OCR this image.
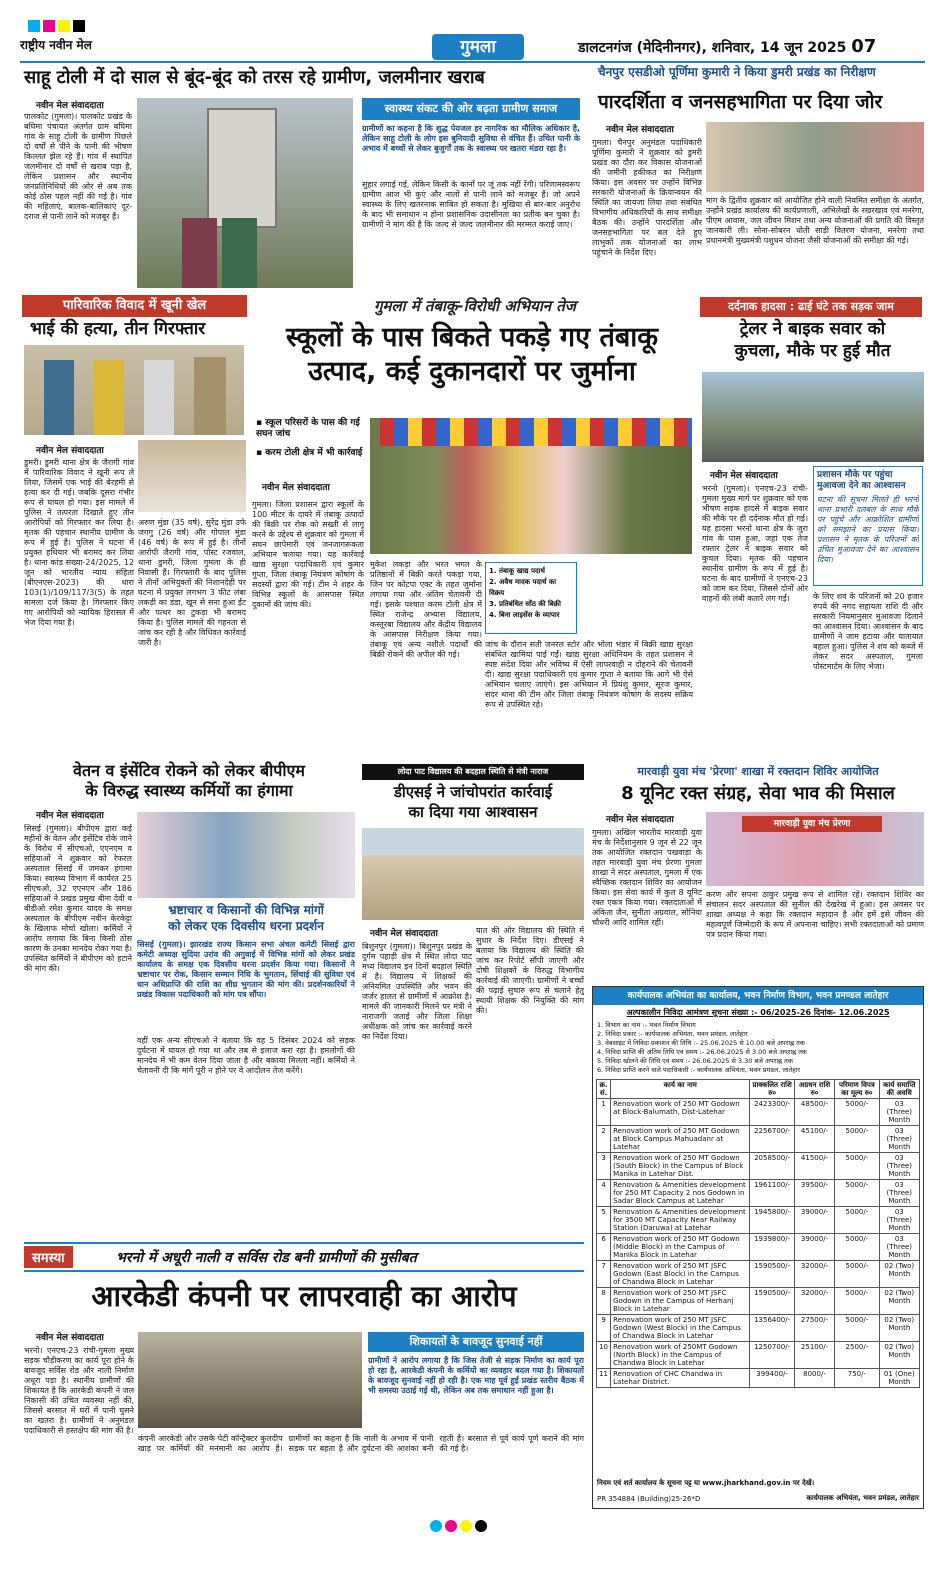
राष्ट्रीय नवीन मेल	गुमला	डालटनगंज (मेदिनीनगर), शनिवार, 14 जून 2025 07
साहू टोली में दो साल से बूंद-बूंद को तरस रहे ग्रामीण, जलमीनार खराब
नवीन मेल संवाददाता
पालकोट (गुमला)। पालकोट प्रखंड के बघिमा पंचायत अंतर्गत ग्राम बघिमा गांव के साहू टोली के ग्रामीण पिछले दो वर्षों से पीने के पानी की भीषण किल्लत झेल रहे हैं। गांव में स्थापित जलमीनार दो वर्षों से खराब पड़ा है, लेकिन प्रशासन और स्थानीय जनप्रतिनिधियों की ओर से अब तक कोई ठोस पहल नहीं की गई है। गांव की महिलाएं, बालक-बालिकाएं दूर-दराज से पानी लाने को मजबूर हैं।
स्वास्थ्य संकट की ओर बढ़ता ग्रामीण समाज
ग्रामीणों का कहना है कि शुद्ध पेयजल हर नागरिक का मौलिक अधिकार है, लेकिन साहू टोली के लोग इस बुनियादी सुविधा से वंचित हैं। उचित पानी के अभाव में बच्चों से लेकर बुजुर्गों तक के स्वास्थ्य पर खतरा मंडरा रहा है।
सुहार लगाई गई, लेकिन किसी के कानों पर जूं तक नहीं रेंगी। परिणामस्वरूप ग्रामीण आज भी कुएं और नालों से पानी लाने को मजबूर हैं। जो अपने स्वास्थ्य के लिए खतरनाक साबित हो सकता है। मुखिया से बार-बार अनुरोध के बाद भी समाधान न होना प्रशासनिक उदासीनता का प्रतीक बन चुका है। ग्रामीणों ने मांग की है कि जल्द से जल्द जलमीनार की मरम्मत कराई जाए।
चैनपुर एसडीओ पूर्णिमा कुमारी ने किया डुमरी प्रखंड का निरीक्षण
पारदर्शिता व जनसहभागिता पर दिया जोर
नवीन मेल संवाददाता
गुमला। चैनपुर अनुमंडल पदाधिकारी पूर्णिमा कुमारी ने शुक्रवार को डुमरी प्रखंड का दौरा कर विकास योजनाओं की जमीनी हकीकत का निरीक्षण किया। इस अवसर पर उन्होंने विभिन्न सरकारी योजनाओं के क्रियान्वयन की स्थिति का जायजा लिया तथा संबंधित विभागीय अधिकारियों के साथ समीक्षा बैठक की। उन्होंने पारदर्शिता और जनसहभागिता पर बल देते हुए लाभुकों तक योजनाओं का लाभ पहुंचाने के निर्देश दिए।
मांग के द्वितीय शुक्रवार को आयोजित होने वाली नियमित समीक्षा के अंतर्गत, उन्होंने प्रखंड कार्यालय की कार्यप्रणाली, अभिलेखों के रखरखाव एवं मनरेगा, पीएम आवास, जल जीवन मिशन तथा अन्य योजनाओं की प्रगति की विस्तृत जानकारी ली। सोना-सोबरन धोती साड़ी वितरण योजना, मनरेगा तथा प्रधानमंत्री मुख्यमंत्री पशुधन योजना जैसी योजनाओं की समीक्षा की गई।
पारिवारिक विवाद में खूनी खेल
भाई की हत्या, तीन गिरफ्तार
नवीन मेल संवाददाता
डुमरी। डुमरी थाना क्षेत्र के जैरागी गांव में पारिवारिक विवाद ने खूनी रूप ले लिया, जिसमें एक भाई की बेरहमी से हत्या कर दी गई। जबकि दूसरा गंभीर रूप से घायल हो गया। इस मामले में पुलिस ने तत्परता दिखाते हुए तीन आरोपियों को गिरफ्तार कर लिया है। मृतक की पहचान स्थानीय ग्रामीण के रूप में हुई है। पुलिस ने घटना में प्रयुक्त हथियार भी बरामद कर लिया है। थाना कांड संख्या-24/2025, 12 जून को भारतीय न्याय संहिता (बीएनएस-2023) की धारा 103(1)/109/117/3(5) के तहत मामला दर्ज किया है। गिरफ्तार किए गए आरोपियों को न्यायिक हिरासत में भेज दिया गया है।
अरुण मुंडा (35 वर्ष), सुरेंद्र मुंडा उर्फ जगगु (26 वर्ष) और गोपाल मुंडा (46 वर्ष) के रूप में हुई है। तीनों आरोपी जैरागी गांव, पोस्ट रजवाल, थाना डुमरी, जिला गुमला के ही निवासी हैं। गिरफ्तारी के बाद पुलिस ने तीनों अभियुक्तों की निशानदेही पर घटना में प्रयुक्त लगभग 3 फीट लंबा लकड़ी का डंडा, खून से सना हुआ ईंट और पत्थर का टुकड़ा भी बरामद किया है। पुलिस मामले की गहनता से जांच कर रही है और विधिवत कार्रवाई जारी है।
गुमला में तंबाकू-विरोधी अभियान तेज
स्कूलों के पास बिकते पकड़े गए तंबाकू
उत्पाद, कई दुकानदारों पर जुर्माना
▪ स्कूल परिसरों के पास की गई सघन जांच
▪ करम टोली क्षेत्र में भी कार्रवाई
नवीन मेल संवाददाता
गुमला। जिला प्रशासन द्वारा स्कूलों के 100 मीटर के दायरे में तंबाकू उत्पादों की बिक्री पर रोक को सख्ती से लागू करने के उद्देश्य से शुक्रवार को गुमला में सघन छापेमारी एवं जनजागरूकता अभियान चलाया गया। यह कार्रवाई खाद्य सुरक्षा पदाधिकारी एवं कुमार गुप्ता, जिला तंबाकू नियंत्रण कोषांग के सदस्यों द्वारा की गई। टीम ने शहर के विभिन्न स्कूलों के आसपास स्थित दुकानों की जांच की।
मुकेश लकड़ा और भरत भगत के प्रतिष्ठानों में बिक्री करते पकड़ा गया, जिन पर कोटपा एक्ट के तहत जुर्माना लगाया गया और अंतिम चेतावनी दी गई। इसके पश्चात करम टोली क्षेत्र में स्थित राजेन्द्र अभ्यास विद्यालय, कस्तूरबा विद्यालय और केंद्रीय विद्यालय के आसपास निरीक्षण किया गया। तंबाकू एवं अन्य नशीले पदार्थों की बिक्री रोकने की अपील की गई।
1. तंबाकू खाद्य पदार्थ
2. अवैध मादक पदार्थ का विक्रय
3. प्रतिबंधित सोंठ की बिक्री
4. बिना लाइसेंस के व्यापार
जांच के दौरान सती जनरल स्टोर और भोला भंडार में बिक्री खाद्य सुरक्षा संबंधित खामियां पाई गईं। खाद्य सुरक्षा अधिनियम के तहत प्रशासन ने स्पष्ट संदेश दिया और भविष्य में ऐसी लापरवाही न दोहराने की चेतावनी दी। खाद्य सुरक्षा पदाधिकारी एवं कुमार गुप्ता ने बताया कि आगे भी ऐसे अभियान चलाए जाएंगे। इस अभियान में प्रियंशु कुमार, सूरज कुमार, सदर थाना की टीम और जिला तंबाकू नियंत्रण कोषांग के सदस्य सक्रिय रूप से उपस्थित रहे।
दर्दनाक हादसा : ढाई घंटे तक सड़क जाम
ट्रेलर ने बाइक सवार को
कुचला, मौके पर हुई मौत
नवीन मेल संवाददाता	प्रशासन मौके पर पहुंचा मुआवजा देने का आश्वासन
घटना की सूचना मिलते ही भरनो थाना प्रभारी दलबल के साथ मौके पर पहुंचे और आक्रोशित ग्रामीणों को समझाने का प्रयास किया। प्रशासन ने मृतक के परिजनों को उचित मुआवजा देने का आश्वासन दिया।
भरनो (गुमला)। एनएच-23 रांची-गुमला मुख्य मार्ग पर शुक्रवार को एक भीषण सड़क हादसे में बाइक सवार की मौके पर ही दर्दनाक मौत हो गई। यह हादसा भरनो थाना क्षेत्र के जुरा गांव के पास हुआ, जहां एक तेज रफ्तार ट्रेलर ने बाइक सवार को कुचल दिया। मृतक की पहचान स्थानीय ग्रामीण के रूप में हुई है। घटना के बाद ग्रामीणों ने एनएच-23 को जाम कर दिया, जिससे दोनों ओर वाहनों की लंबी कतारें लग गईं।	के लिए शव के परिजनों को 20 हजार रुपये की नगद सहायता राशि दी और सरकारी नियमानुसार मुआवजा दिलाने का आश्वासन दिया। आश्वासन के बाद ग्रामीणों ने जाम हटाया और यातायात बहाल हुआ। पुलिस ने शव को कब्जे में लेकर सदर अस्पताल, गुमला पोस्टमार्टम के लिए भेजा।
वेतन व इंसेंटिव रोकने को लेकर बीपीएम
के विरुद्ध स्वास्थ्य कर्मियों का हंगामा
नवीन मेल संवाददाता
सिसई (गुमला)। बीपीएम द्वारा कई महीनों के वेतन और इंसेंटिव रोके जाने के विरोध में सीएचओ, एएनएम व सहियाओं ने शुक्रवार को रेफरल अस्पताल सिसई में जमकर हंगामा किया। स्वास्थ्य विभाग में कार्यरत 25 सीएचओ, 32 एएनएम और 186 सहियाओं ने प्रखंड प्रमुख बीना देवी व बीडीओ रमेश कुमार यादव के समक्ष अस्पताल के बीपीएम नवीन केरकेट्टा के खिलाफ मोर्चा खोला। कर्मियों ने आरोप लगाया कि बिना किसी ठोस कारण के उनका मानदेय रोका गया है। उपस्थित कर्मियों ने बीपीएम को हटाने की मांग की।
भ्रष्टाचार व किसानों की विभिन्न मांगों
को लेकर एक दिवसीय धरना प्रदर्शन
सिसई (गुमला)। झारखंड राज्य किसान सभा अंचल कमेटी सिसई द्वारा कमेटी अध्यक्ष सुदिया उरांव की अगुवाई में विभिन्न मांगों को लेकर प्रखंड कार्यालय के समक्ष एक दिवसीय धरना प्रदर्शन किया गया। किसानों ने भ्रष्टाचार पर रोक, किसान सम्मान निधि के भुगतान, सिंचाई की सुविधा एवं धान अधिप्राप्ति की राशि का शीघ्र भुगतान की मांग की। प्रदर्शनकारियों ने प्रखंड विकास पदाधिकारी को मांग पत्र सौंपा।
वहीं एक अन्य सीएचओ ने बताया कि वह 5 दिसंबर 2024 को सड़क दुर्घटना में घायल हो गया था और तब से इलाज करा रहा है। हमलोगों की मानदेय में भी कम वेतन दिया जाता है और बकाया मिलता नहीं। कर्मियों ने चेतावनी दी कि मांगें पूरी न होने पर वे आंदोलन तेज करेंगे।
लोदा पाट विद्यालय की बदहाल स्थिति से मंत्री नाराज
डीएसई ने जांचोपरांत कार्रवाई
का दिया गया आश्वासन
नवीन मेल संवाददाता
बिशुनपुर (गुमला)। बिशुनपुर प्रखंड के दुर्गम पहाड़ी क्षेत्र में स्थित लोदा पाट मध्य विद्यालय इन दिनों बदहाल स्थिति में है। विद्यालय में शिक्षकों की अनियमित उपस्थिति और भवन की जर्जर हालत से ग्रामीणों में आक्रोश है। मामले की जानकारी मिलने पर मंत्री ने नाराजगी जताई और जिला शिक्षा अधीक्षक को जांच कर कार्रवाई करने का निर्देश दिया।
यात की ओर विद्यालय की स्थिति में सुधार के निर्देश दिए। डीएसई ने बताया कि विद्यालय की स्थिति की जांच कर रिपोर्ट सौंपी जाएगी और दोषी शिक्षकों के विरुद्ध विभागीय कार्रवाई की जाएगी। ग्रामीणों ने बच्चों की पढ़ाई सुचारु रूप से चलाने हेतु स्थायी शिक्षक की नियुक्ति की मांग की।
मारवाड़ी युवा मंच 'प्रेरणा' शाखा में रक्तदान शिविर आयोजित
8 यूनिट रक्त संग्रह, सेवा भाव की मिसाल
नवीन मेल संवाददाता
गुमला। अखिल भारतीय मारवाड़ी युवा मंच के निर्देशानुसार 9 जून से 22 जून तक आयोजित रक्तदान पखवाड़ा के तहत मारवाड़ी युवा मंच प्रेरणा गुमला शाखा ने सदर अस्पताल, गुमला में एक स्वैच्छिक रक्तदान शिविर का आयोजन किया। इस सेवा कार्य में कुल 8 यूनिट रक्त एकत्र किया गया। रक्तदाताओं में अंकिता जैन, सुनीता अग्रवाल, सोनिया चौधरी आदि शामिल रहीं।
मारवाड़ी युवा मंच प्रेरणा
करण और सपना ठाकुर प्रमुख रूप से शामिल रहे। रक्तदान शिविर का संचालन सदर अस्पताल की सुनील की देखरेख में हुआ। इस अवसर पर शाखा अध्यक्ष ने कहा कि रक्तदान महादान है और हमें इसे जीवन की महत्वपूर्ण जिम्मेदारी के रूप में अपनाना चाहिए। सभी रक्तदाताओं को प्रमाण पत्र प्रदान किया गया।
कार्यपालक अभियंता का कार्यालय, भवन निर्माण विभाग, भवन प्रमण्डल लातेहार
अल्पकालीन निविदा आमंत्रण सूचना संख्या :- 06/2025-26 दिनांक- 12.06.2025
1. विभाग का नाम :- भवन निर्माण विभाग
2. निविदा प्रकार :- कार्यपालक अभियंता, भवन प्रमंडल, लातेहार
3. वेबसाइट में निविदा प्रकाशन की तिथि :- 25.06.2025 से 10.00 बजे अपराह्न तक
4. निविदा प्राप्ति की अंतिम तिथि एवं समय :- 26.06.2025 से 3.00 बजे अपराह्न तक
5. निविदा खोलने की तिथि एवं समय :- 26.06.2025 से 3.30 बजे अपराह्न तक
6. निविदा प्राप्ति करने वाले पदाधिकारी :- कार्यपालक अभियंता, भवन प्रमंडल, लातेहार
क्र. सं.	कार्य का नाम	प्राक्कलित राशि रु०	अग्रधन राशि रु०	परिमाण विपत्र का मूल्य रु०	कार्य समाप्ति की अवधि
1	Renovation work of 250 MT Godown at Block-Balumath, Dist-Latehar	2423300/-	48500/-	5000/-	03 (Three) Month
2	Renovation work of 250 MT Godown at Block Campus Mahuadanr at Latehar	2256700/-	45100/-	5000/-	03 (Three) Month
3	Renovation work of 250 MT Godown (South Block) in the Campus of Block Manika in Latehar Dist.	2058500/-	41500/-	5000/-	03 (Three) Month
4	Renovation & Amenities development for 250 MT Capacity 2 nos Godown in Sadar Block Campus at Latehar	1961100/-	39500/-	5000/-	03 (Three) Month
5	Renovation & Amenities development for 3500 MT Capacity Near Railway Station (Daruwa) at Latehar	1945800/-	39000/-	5000/-	03 (Three) Month
6	Renovation work of 250 MT Godown (Middle Block) in the Campus of Manika Block in Latehar	1939800/-	39000/-	5000/-	03 (Three) Month
7	Renovation work of 250 MT JSFC Godown (East Block) in the Campus of Chandwa Block in Latehar	1590500/-	32000/-	5000/-	02 (Two) Month
8	Renovation work of 250 MT JSFC Godown in the Campus of Herhanj Block in Latehar	1590500/-	32000/-	5000/-	02 (Two) Month
9	Renovation work of 250 MT JSFC Godown (West Block) in the Campus of Chandwa Block in Latehar	1356400/-	27500/-	5000/-	02 (Two) Month
10	Renovation work of 250MT Godown (North Block) in the Campus of Chandwa Block in Latehar	1250700/-	25100/-	2500/-	02 (Two) Month
11	Renovation of CHC Chandwa in Latehar District.	399400/-	8000/-	750/-	01 (One) Month
नियम एवं शर्त कार्यालय के सूचना पट्ट या www.jharkhand.gov.in पर देखें।
PR 354884 (Building)25-26*D	कार्यपालक अभियंता, भवन प्रमंडल, लातेहार
समस्या	भरनो में अधूरी नाली व सर्विस रोड बनी ग्रामीणों की मुसीबत
आरकेडी कंपनी पर लापरवाही का आरोप
नवीन मेल संवाददाता
भरनो। एनएच-23 रांची-गुमला मुख्य सड़क चौड़ीकरण का कार्य पूरा होने के बावजूद सर्विस रोड और नाली निर्माण अधूरा पड़ा है। स्थानीय ग्रामीणों की शिकायत है कि आरकेडी कंपनी ने जल निकासी की उचित व्यवस्था नहीं की, जिससे बरसात में घरों में पानी घुसने का खतरा है। ग्रामीणों ने अनुमंडल पदाधिकारी से हस्तक्षेप की मांग की है।
शिकायतों के बावजूद सुनवाई नहीं
ग्रामीणों ने आरोप लगाया है कि जिस तेजी से सड़क निर्माण का कार्य पूरा हो रहा है, आरकेडी कंपनी के कर्मियों का व्यवहार बदल गया है। शिकायतों के बावजूद सुनवाई नहीं हो रही है। एक माह पूर्व हुई प्रखंड स्तरीय बैठक में भी समस्या उठाई गई थी, लेकिन अब तक समाधान नहीं हुआ है।
कंपनी आरकेडी और उसके पेटी कॉन्ट्रैक्टर कुलदीप खाड़ पर कर्मियों की मनमानी का आरोप है। ग्रामीणों का कहना है कि नाली के अभाव में पानी सड़क पर बहता है और दुर्घटना की आशंका बनी रहती है। बरसात से पूर्व कार्य पूर्ण कराने की मांग की गई है।
